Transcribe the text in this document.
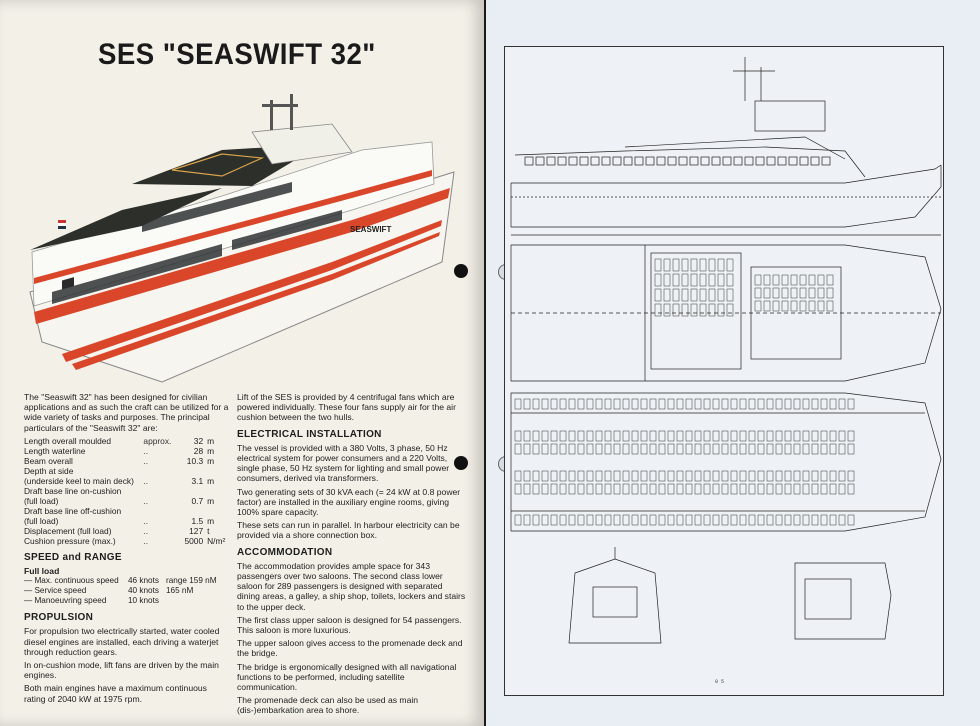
SES "SEASWIFT 32"
SEASWIFT

The "Seaswift 32" has been designed for civilian applications and as such the craft can be utilized for a wide variety of tasks and purposes. The principal particulars of the "Seaswift 32" are:

Length overall moulded	approx.	32 m
Length waterline	..	28 m
Beam overall	..	10.3 m
Depth at side
(underside keel to main deck)	..	3.1 m
Draft base line on-cushion
(full load)	..	0.7 m
Draft base line off-cushion
(full load)	..	1.5 m
Displacement (full load)	..	127 t
Cushion pressure (max.)	..	5000 N/m²
SPEED and RANGE
Full load
— Max. continuous speed	46 knots range 159 nM
— Service speed	40 knots 165 nM
— Manoeuvring speed	10 knots
PROPULSION

For propulsion two electrically started, water cooled diesel engines are installed, each driving a waterjet through reduction gears.

In on-cushion mode, lift fans are driven by the main engines.

Both main engines have a maximum continuous rating of 2040 kW at 1975 rpm.

Lift of the SES is provided by 4 centrifugal fans which are powered individually. These four fans supply air for the air cushion between the two hulls.

ELECTRICAL INSTALLATION

The vessel is provided with a 380 Volts, 3 phase, 50 Hz electrical system for power consumers and a 220 Volts, single phase, 50 Hz system for lighting and small power consumers, derived via transformers.

Two generating sets of 30 kVA each (= 24 kW at 0.8 power factor) are installed in the auxiliary engine rooms, giving 100% spare capacity.

These sets can run in parallel. In harbour electricity can be provided via a shore connection box.

ACCOMMODATION

The accommodation provides ample space for 343 passengers over two saloons. The second class lower saloon for 289 passengers is designed with separated dining areas, a galley, a ship shop, toilets, lockers and stairs to the upper deck.

The first class upper saloon is designed for 54 passengers. This saloon is more luxurious.

The upper saloon gives access to the promenade deck and the bridge.

The bridge is ergonomically designed with all navigational functions to be performed, including satellite communication.

The promenade deck can also be used as main (dis-)embarkation area to shore.

0 5
